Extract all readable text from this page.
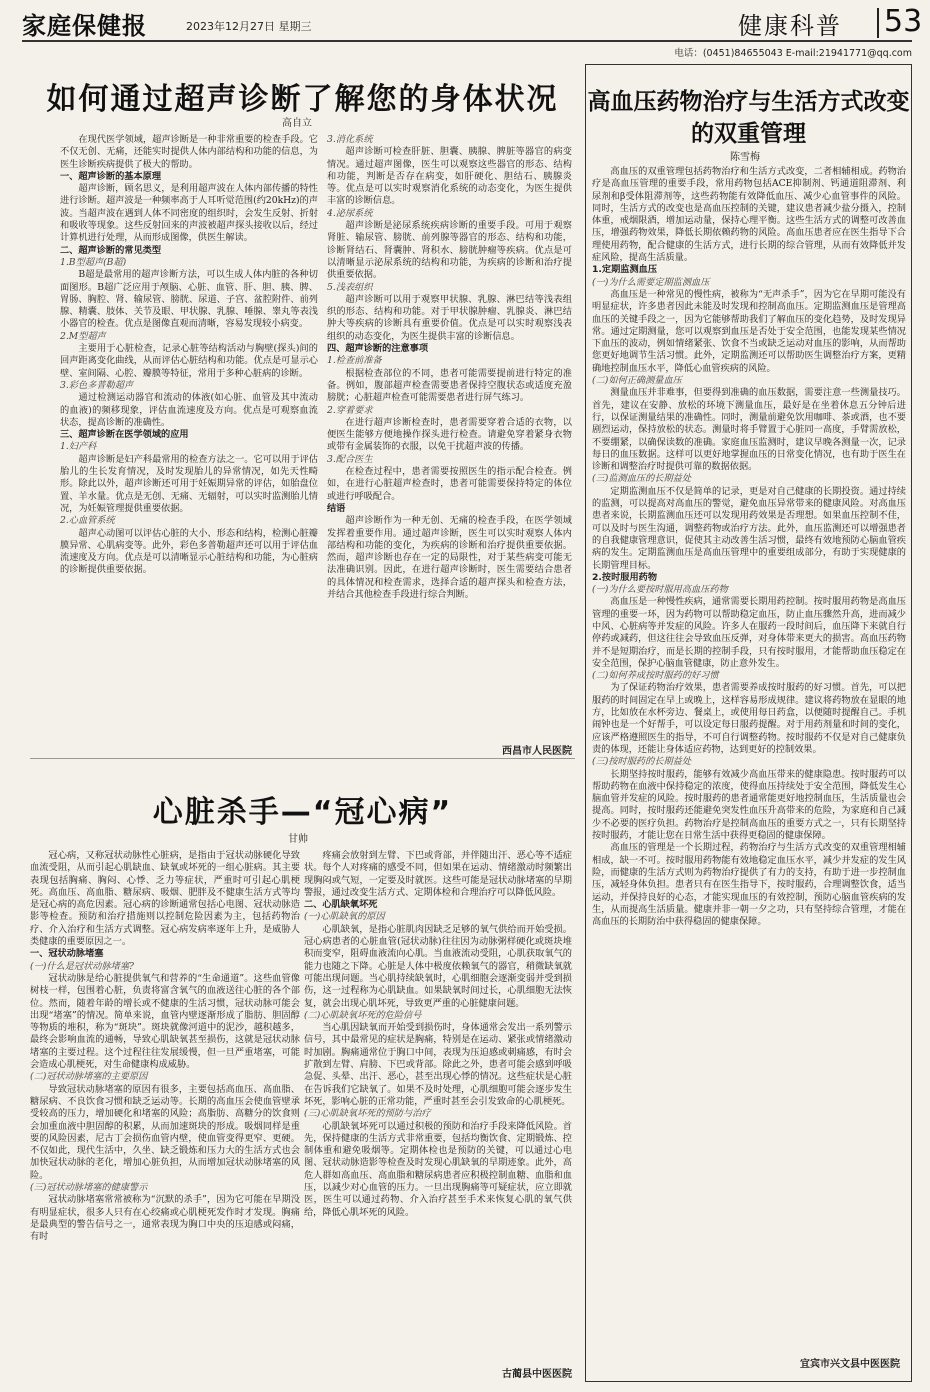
家庭保健报	2023年12月27日 星期三	健康科普 53
电话：(0451)84655043 E-mail:21941771@qq.com
如何通过超声诊断了解您的身体状况
高自立

在现代医学领域，超声诊断是一种非常重要的检查手段。它不仅无创、无痛，还能实时提供人体内部结构和功能的信息，为医生诊断疾病提供了极大的帮助。

一、超声诊断的基本原理

超声诊断，顾名思义，是利用超声波在人体内部传播的特性进行诊断。超声波是一种频率高于人耳听觉范围(约20kHz)的声波。当超声波在遇到人体不同密度的组织时，会发生反射、折射和吸收等现象。这些反射回来的声波被超声探头接收以后，经过计算机进行处理，从而形成图像，供医生解读。

二、超声诊断的常见类型

1.B型超声(B超)

B超是最常用的超声诊断方法，可以生成人体内脏的各种切面图形。B超广泛应用于颅脑、心脏、血管、肝、胆、胰、脾、胃肠、胸腔、肾、输尿管、膀胱、尿道、子宫、盆腔附件、前列腺、精囊、肢体、关节及眼、甲状腺、乳腺、唾腺、睾丸等表浅小器官的检查。优点是图像直观而清晰，容易发现较小病变。

2.M型超声

主要用于心脏检查，记录心脏等结构活动与胸壁(探头)间的回声距离变化曲线，从而评估心脏结构和功能。优点是可显示心壁、室间隔、心腔、瓣膜等特征，常用于多种心脏病的诊断。

3.彩色多普勒超声

通过检测运动器官和流动的体液(如心脏、血管及其中流动的血液)的频移现象，评估血流速度及方向。优点是可观察血流状态，提高诊断的准确性。

三、超声诊断在医学领域的应用

1.妇产科

超声诊断是妇产科最常用的检查方法之一。它可以用于评估胎儿的生长发育情况，及时发现胎儿的异常情况，如先天性畸形。除此以外，超声诊断还可用于妊娠期异常的评估，如胎盘位置、羊水量。优点是无创、无痛、无辐射，可以实时监测胎儿情况，为妊娠管理提供重要依据。

2.心血管系统

超声心动图可以评估心脏的大小、形态和结构，检测心脏瓣膜异常、心肌病变等。此外，彩色多普勒超声还可以用于评估血流速度及方向。优点是可以清晰显示心脏结构和功能，为心脏病的诊断提供重要依据。

3.消化系统

超声诊断可检查肝脏、胆囊、胰腺、脾脏等器官的病变情况。通过超声图像，医生可以观察这些器官的形态、结构和功能，判断是否存在病变，如肝硬化、胆结石、胰腺炎等。优点是可以实时观察消化系统的动态变化，为医生提供丰富的诊断信息。

4.泌尿系统

超声诊断是泌尿系统疾病诊断的重要手段。可用于观察肾脏、输尿管、膀胱、前列腺等器官的形态、结构和功能，诊断肾结石、肾囊肿、肾积水、膀胱肿瘤等疾病。优点是可以清晰显示泌尿系统的结构和功能，为疾病的诊断和治疗提供重要依据。

5.浅表组织

超声诊断可以用于观察甲状腺、乳腺、淋巴结等浅表组织的形态、结构和功能。对于甲状腺肿瘤、乳腺炎、淋巴结肿大等疾病的诊断具有重要价值。优点是可以实时观察浅表组织的动态变化，为医生提供丰富的诊断信息。

四、超声诊断的注意事项

1.检查前准备

根据检查部位的不同，患者可能需要提前进行特定的准备。例如，腹部超声检查需要患者保持空腹状态或适度充盈膀胱；心脏超声检查可能需要患者进行屏气练习。

2.穿着要求

在进行超声诊断检查时，患者需要穿着合适的衣物，以便医生能够方便地操作探头进行检查。请避免穿着紧身衣物或带有金属装饰的衣服，以免干扰超声波的传播。

3.配合医生

在检查过程中，患者需要按照医生的指示配合检查。例如，在进行心脏超声检查时，患者可能需要保持特定的体位或进行呼吸配合。

结语

超声诊断作为一种无创、无痛的检查手段，在医学领域发挥着重要作用。通过超声诊断，医生可以实时观察人体内部结构和功能的变化，为疾病的诊断和治疗提供重要依据。然而，超声诊断也存在一定的局限性，对于某些病变可能无法准确识别。因此，在进行超声诊断时，医生需要结合患者的具体情况和检查需求，选择合适的超声探头和检查方法，并结合其他检查手段进行综合判断。

西昌市人民医院
心脏杀手—“冠心病”
甘帅

冠心病，又称冠状动脉性心脏病，是指由于冠状动脉硬化导致血流受阻，从而引起心肌缺血、缺氧或坏死的一组心脏病。其主要表现包括胸痛、胸闷、心悸、乏力等症状，严重时可引起心肌梗死。高血压、高血脂、糖尿病、吸烟、肥胖及不健康生活方式等均是冠心病的高危因素。冠心病的诊断通常包括心电图、冠状动脉造影等检查。预防和治疗措施则以控制危险因素为主，包括药物治疗、介入治疗和生活方式调整。冠心病发病率逐年上升，是威胁人类健康的重要原因之一。

一、冠状动脉堵塞

(一)什么是冠状动脉堵塞?

冠状动脉是给心脏提供氧气和营养的“生命通道”。这些血管像树枝一样，包围着心脏，负责将富含氧气的血液送往心脏的各个部位。然而，随着年龄的增长或不健康的生活习惯，冠状动脉可能会出现“堵塞”的情况。简单来说，血管内壁逐渐形成了脂肪、胆固醇等物质的堆积，称为“斑块”。斑块就像河道中的泥沙，越积越多，最终会影响血流的通畅，导致心肌缺氧甚至损伤，这就是冠状动脉堵塞的主要过程。这个过程往往发展缓慢，但一旦严重堵塞，可能会造成心肌梗死，对生命健康构成威胁。

(二)冠状动脉堵塞的主要原因

导致冠状动脉堵塞的原因有很多，主要包括高血压、高血脂、糖尿病、不良饮食习惯和缺乏运动等。长期的高血压会使血管壁承受较高的压力，增加硬化和堵塞的风险；高脂肪、高糖分的饮食则会加重血液中胆固醇的积累，从而加速斑块的形成。吸烟同样是重要的风险因素，尼古丁会损伤血管内壁，使血管变得更窄、更硬。不仅如此，现代生活中，久坐、缺乏锻炼和压力大的生活方式也会加快冠状动脉的老化，增加心脏负担，从而增加冠状动脉堵塞的风险。

(三)冠状动脉堵塞的健康警示

冠状动脉堵塞常常被称为“沉默的杀手”，因为它可能在早期没有明显症状，很多人只有在心绞痛或心肌梗死发作时才发现。胸痛是最典型的警告信号之一，通常表现为胸口中央的压迫感或闷痛，有时

疼痛会放射到左臂、下巴或背部，并伴随出汗、恶心等不适症状。每个人对疼痛的感受不同，但如果在运动、情绪激动时频繁出现胸闷或气短，一定要及时就医。这些可能是冠状动脉堵塞的早期警报，通过改变生活方式、定期体检和合理治疗可以降低风险。

二、心肌缺氧坏死

(一)心肌缺氧的原因

心肌缺氧，是指心脏肌肉因缺乏足够的氧气供给而开始受损。冠心病患者的心脏血管(冠状动脉)往往因为动脉粥样硬化或斑块堆积而变窄，阻碍血液流向心肌。当血液流动受阻，心肌获取氧气的能力也随之下降。心脏是人体中极度依赖氧气的器官，稍微缺氧就可能出现问题。当心肌持续缺氧时，心肌细胞会逐渐变弱并受到损伤，这一过程称为心肌缺血。如果缺氧时间过长，心肌细胞无法恢复，就会出现心肌坏死，导致更严重的心脏健康问题。

(二)心肌缺氧坏死的危险信号

当心肌因缺氧而开始受到损伤时，身体通常会发出一系列警示信号，其中最常见的症状是胸痛，特别是在运动、紧张或情绪激动时加剧。胸痛通常位于胸口中间，表现为压迫感或刺痛感，有时会扩散到左臂、肩膀、下巴或背部。除此之外，患者可能会感到呼吸急促、头晕、出汗、恶心，甚至出现心悸的情况。这些症状是心脏在告诉我们它缺氧了。如果不及时处理，心肌细胞可能会逐步发生坏死，影响心脏的正常功能，严重时甚至会引发致命的心肌梗死。

(三)心肌缺氧坏死的预防与治疗

心肌缺氧坏死可以通过积极的预防和治疗手段来降低风险。首先，保持健康的生活方式非常重要，包括均衡饮食、定期锻炼、控制体重和避免吸烟等。定期体检也是预防的关键，可以通过心电图、冠状动脉造影等检查及时发现心肌缺氧的早期迹象。此外，高危人群如高血压、高血脂和糖尿病患者应积极控制血糖、血脂和血压，以减少对心血管的压力。一旦出现胸痛等可疑症状，应立即就医，医生可以通过药物、介入治疗甚至手术来恢复心肌的氧气供给，降低心肌坏死的风险。

古蔺县中医医院
高血压药物治疗与生活方式改变的双重管理
陈雪梅

高血压的双重管理包括药物治疗和生活方式改变，二者相辅相成。药物治疗是高血压管理的重要手段，常用药物包括ACE抑制剂、钙通道阻滞剂、利尿剂和β受体阻滞剂等，这些药物能有效降低血压、减少心血管事件的风险。同时，生活方式的改变也是高血压控制的关键，建议患者减少盐分摄入，控制体重，戒烟限酒，增加运动量，保持心理平衡。这些生活方式的调整可改善血压，增强药物效果，降低长期依赖药物的风险。高血压患者应在医生指导下合理使用药物，配合健康的生活方式，进行长期的综合管理，从而有效降低并发症风险，提高生活质量。

1.定期监测血压

(一)为什么需要定期监测血压

高血压是一种常见的慢性病，被称为“无声杀手”，因为它在早期可能没有明显症状，许多患者因此未能及时发现和控制高血压。定期监测血压是管理高血压的关键手段之一，因为它能够帮助我们了解血压的变化趋势，及时发现异常。通过定期测量，您可以观察到血压是否处于安全范围，也能发现某些情况下血压的波动，例如情绪紧张、饮食不当或缺乏运动对血压的影响，从而帮助您更好地调节生活习惯。此外，定期监测还可以帮助医生调整治疗方案，更精确地控制血压水平，降低心血管疾病的风险。

(二)如何正确测量血压

测量血压并非难事，但要得到准确的血压数据，需要注意一些测量技巧。首先，建议在安静、放松的环境下测量血压，最好是在坐着休息五分钟后进行，以保证测量结果的准确性。同时，测量前避免饮用咖啡、茶或酒，也不要剧烈运动，保持放松的状态。测量时将手臂置于心脏同一高度，手臂需放松，不要绷紧，以确保读数的准确。家庭血压监测时，建议早晚各测量一次，记录每日的血压数据。这样可以更好地掌握血压的日常变化情况，也有助于医生在诊断和调整治疗时提供可靠的数据依据。

(三)监测血压的长期益处

定期监测血压不仅是简单的记录，更是对自己健康的长期投资。通过持续的监测，可以提高对高血压的警觉，避免血压异常带来的健康风险。对高血压患者来说，长期监测血压还可以发现用药效果是否理想。如果血压控制不佳，可以及时与医生沟通，调整药物或治疗方法。此外，血压监测还可以增强患者的自我健康管理意识，促使其主动改善生活习惯，最终有效地预防心脑血管疾病的发生。定期监测血压是高血压管理中的重要组成部分，有助于实现健康的长期管理目标。

2.按时服用药物

(一)为什么要按时服用高血压药物

高血压是一种慢性疾病，通常需要长期用药控制。按时服用药物是高血压管理的重要一环，因为药物可以帮助稳定血压，防止血压骤然升高，进而减少中风、心脏病等并发症的风险。许多人在服药一段时间后，血压降下来就自行停药或减药，但这往往会导致血压反弹，对身体带来更大的损害。高血压药物并不是短期治疗，而是长期的控制手段，只有按时服用，才能帮助血压稳定在安全范围，保护心脑血管健康，防止意外发生。

(二)如何养成按时服药的好习惯

为了保证药物治疗效果，患者需要养成按时服药的好习惯。首先，可以把服药的时间固定在早上或晚上，这样容易形成规律。建议将药物放在显眼的地方，比如放在水杯旁边、餐桌上，或使用每日药盒，以便随时提醒自己。手机闹钟也是一个好帮手，可以设定每日服药提醒。对于用药剂量和时间的变化，应该严格遵照医生的指导，不可自行调整药物。按时服药不仅是对自己健康负责的体现，还能让身体适应药物，达到更好的控制效果。

(三)按时服药的长期益处

长期坚持按时服药，能够有效减少高血压带来的健康隐患。按时服药可以帮助药物在血液中保持稳定的浓度，使得血压持续处于安全范围，降低发生心脑血管并发症的风险。按时服药的患者通常能更好地控制血压，生活质量也会提高。同时，按时服药还能避免突发性血压升高带来的危险，为家庭和自己减少不必要的医疗负担。药物治疗是控制高血压的重要方式之一，只有长期坚持按时服药，才能让您在日常生活中获得更稳固的健康保障。

高血压的管理是一个长期过程，药物治疗与生活方式改变的双重管理相辅相成，缺一不可。按时服用药物能有效地稳定血压水平，减少并发症的发生风险，而健康的生活方式则为药物治疗提供了有力的支持，有助于进一步控制血压，减轻身体负担。患者只有在医生指导下，按时服药，合理调整饮食，适当运动，并保持良好的心态，才能实现血压的有效控制，预防心脑血管疾病的发生，从而提高生活质量。健康并非一朝一夕之功，只有坚持综合管理，才能在高血压的长期防治中获得稳固的健康保障。

宜宾市兴文县中医医院
